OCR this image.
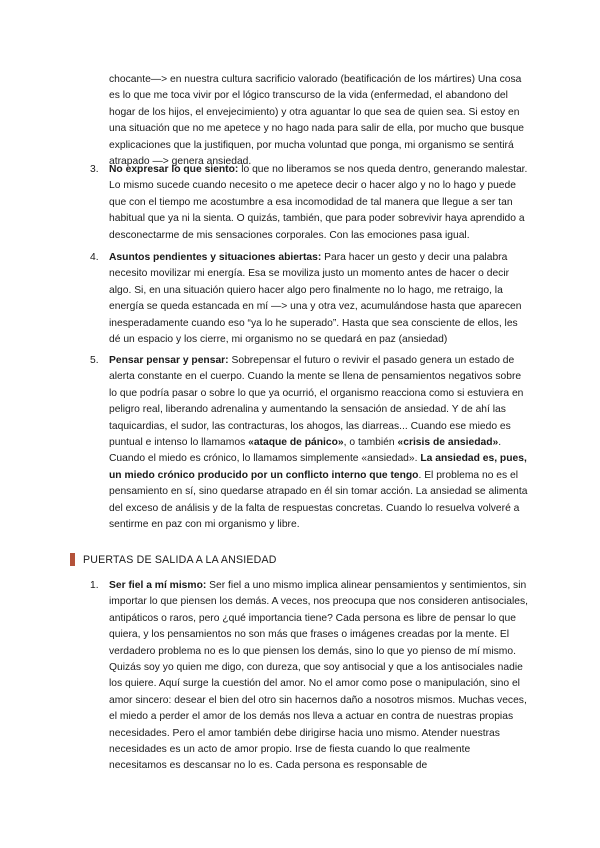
chocante—> en nuestra cultura sacrificio valorado (beatificación de los mártires) Una cosa es lo que me toca vivir por el lógico transcurso de la vida (enfermedad, el abandono del hogar de los hijos, el envejecimiento) y otra aguantar lo que sea de quien sea. Si estoy en una situación que no me apetece y no hago nada para salir de ella, por mucho que busque explicaciones que la justifiquen, por mucha voluntad que ponga, mi organismo se sentirá atrapado —> genera ansiedad.

3. No expresar lo que siento: lo que no liberamos se nos queda dentro, generando malestar. Lo mismo sucede cuando necesito o me apetece decir o hacer algo y no lo hago y puede que con el tiempo me acostumbre a esa incomodidad de tal manera que llegue a ser tan habitual que ya ni la sienta. O quizás, también, que para poder sobrevivir haya aprendido a desconectarme de mis sensaciones corporales. Con las emociones pasa igual.

4. Asuntos pendientes y situaciones abiertas: Para hacer un gesto y decir una palabra necesito movilizar mi energía. Esa se moviliza justo un momento antes de hacer o decir algo. Si, en una situación quiero hacer algo pero finalmente no lo hago, me retraigo, la energía se queda estancada en mí —> una y otra vez, acumulándose hasta que aparecen inesperadamente cuando eso “ya lo he superado”. Hasta que sea consciente de ellos, les dé un espacio y los cierre, mi organismo no se quedará en paz (ansiedad)

5. Pensar pensar y pensar: Sobrepensar el futuro o revivir el pasado genera un estado de alerta constante en el cuerpo. Cuando la mente se llena de pensamientos negativos sobre lo que podría pasar o sobre lo que ya ocurrió, el organismo reacciona como si estuviera en peligro real, liberando adrenalina y aumentando la sensación de ansiedad. Y de ahí las taquicardias, el sudor, las contracturas, los ahogos, las diarreas... Cuando ese miedo es puntual e intenso lo llamamos «ataque de pánico», o también «crisis de ansiedad». Cuando el miedo es crónico, lo llamamos simplemente «ansiedad». La ansiedad es, pues, un miedo crónico producido por un conflicto interno que tengo. El problema no es el pensamiento en sí, sino quedarse atrapado en él sin tomar acción. La ansiedad se alimenta del exceso de análisis y de la falta de respuestas concretas. Cuando lo resuelva volveré a sentirme en paz con mi organismo y libre.

PUERTAS DE SALIDA A LA ANSIEDAD
1. Ser fiel a mí mismo: Ser fiel a uno mismo implica alinear pensamientos y sentimientos, sin importar lo que piensen los demás. A veces, nos preocupa que nos consideren antisociales, antipáticos o raros, pero ¿qué importancia tiene? Cada persona es libre de pensar lo que quiera, y los pensamientos no son más que frases o imágenes creadas por la mente. El verdadero problema no es lo que piensen los demás, sino lo que yo pienso de mí mismo. Quizás soy yo quien me digo, con dureza, que soy antisocial y que a los antisociales nadie los quiere. Aquí surge la cuestión del amor. No el amor como pose o manipulación, sino el amor sincero: desear el bien del otro sin hacernos daño a nosotros mismos. Muchas veces, el miedo a perder el amor de los demás nos lleva a actuar en contra de nuestras propias necesidades. Pero el amor también debe dirigirse hacia uno mismo. Atender nuestras necesidades es un acto de amor propio. Irse de fiesta cuando lo que realmente necesitamos es descansar no lo es. Cada persona es responsable de
